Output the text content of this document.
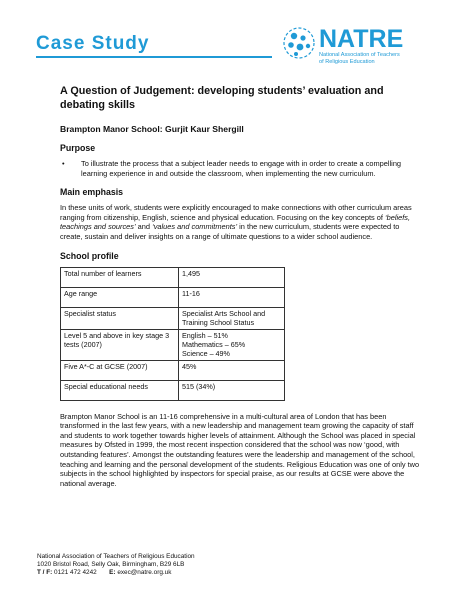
Case Study	NATRE
National Association of Teachers
of Religious Education
A Question of Judgement: developing students’ evaluation and debating skills
Brampton Manor School: Gurjit Kaur Shergill
Purpose
•	To illustrate the process that a subject leader needs to engage with in order to create a compelling learning experience in and outside the classroom, when implementing the new curriculum.
Main emphasis

In these units of work, students were explicitly encouraged to make connections with other curriculum areas ranging from citizenship, English, science and physical education. Focusing on the key concepts of ‘beliefs, teachings and sources’ and ‘values and commitments’ in the new curriculum, students were expected to create, sustain and deliver insights on a range of ultimate questions to a wider school audience.

School profile
Total number of learners	1,495
Age range	11-16
Specialist status	Specialist Arts School and Training School Status
Level 5 and above in key stage 3 tests (2007)	English – 51%
Mathematics – 65%
Science – 49%

Five A*-C at GCSE (2007)	45%
Special educational needs	515 (34%)

Brampton Manor School is an 11-16 comprehensive in a multi-cultural area of London that has been transformed in the last few years, with a new leadership and management team growing the capacity of staff and students to work together towards higher levels of attainment. Although the School was placed in special measures by Ofsted in 1999, the most recent inspection considered that the school was now ‘good, with outstanding features’. Amongst the outstanding features were the leadership and management of the school, teaching and learning and the personal development of the students. Religious Education was one of only two subjects in the school highlighted by inspectors for special praise, as our results at GCSE were above the national average.

National Association of Teachers of Religious Education
1020 Bristol Road, Selly Oak, Birmingham, B29 6LB
T / F: 0121 472 4242 E: exec@natre.org.uk
